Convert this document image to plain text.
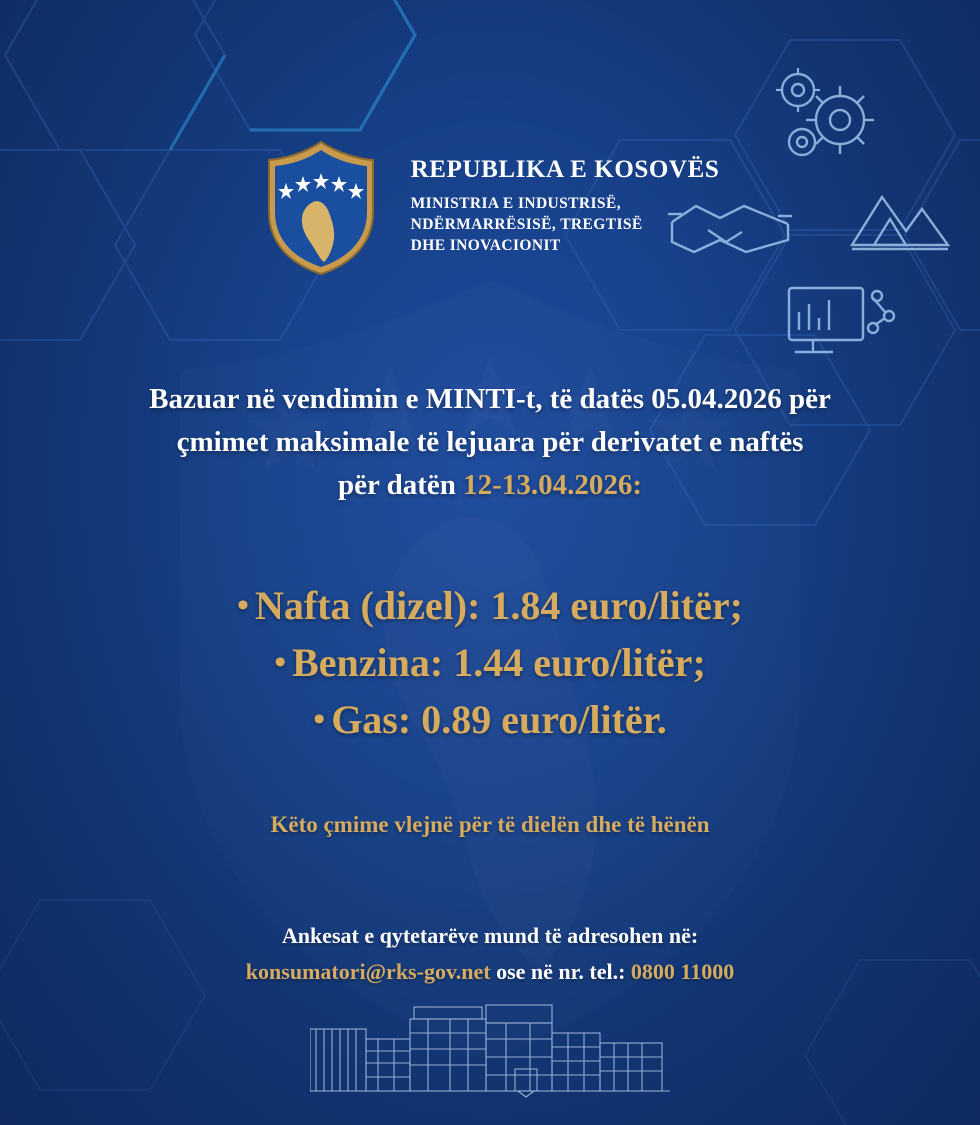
REPUBLIKA E KOSOVËS
MINISTRIA E INDUSTRISË,
NDËRMARRËSISË, TREGTISË
DHE INOVACIONIT
Bazuar në vendimin e MINTI-t, të datës 05.04.2026 për
çmimet maksimale të lejuara për derivatet e naftës
për datën 12-13.04.2026:
• Nafta (dizel): 1.84 euro/litër;
• Benzina: 1.44 euro/litër;
• Gas: 0.89 euro/litër.
Këto çmime vlejnë për të dielën dhe të hënën
Ankesat e qytetarëve mund të adresohen në:
konsumatori@rks-gov.net ose në nr. tel.: 0800 11000
